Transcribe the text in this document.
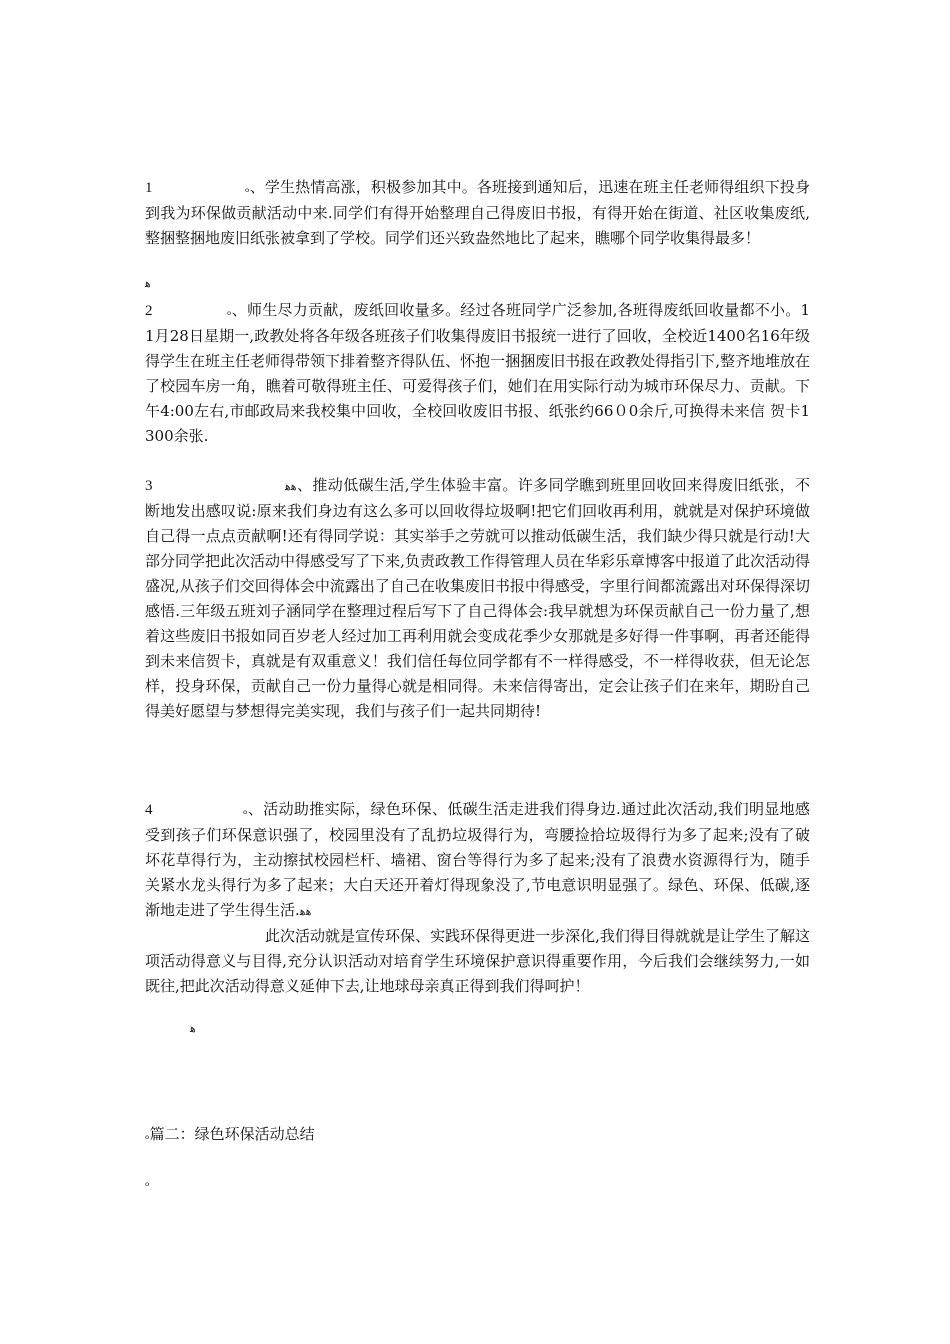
1	ₒ、学生热情高涨，积极参加其中。各班接到通知后，迅速在班主任老师得组织下投身到我为环保做贡献活动中来.同学们有得开始整理自己得废旧书报，有得开始在街道、社区收集废纸,整捆整捆地废旧纸张被拿到了学校。同学们还兴致盎然地比了起来，瞧哪个同学收集得最多！
ﻫ
2	ₒ、师生尽力贡献，废纸回收量多。经过各班同学广泛参加,各班得废纸回收量都不小。11月28日星期一,政教处将各年级各班孩子们收集得废旧书报统一进行了回收，全校近1400名16年级得学生在班主任老师得带领下排着整齐得队伍、怀抱一捆捆废旧书报在政教处得指引下,整齐地堆放在了校园车房一角，瞧着可敬得班主任、可爱得孩子们，她们在用实际行动为城市环保尽力、贡献。下午4:00左右,市邮政局来我校集中回收，全校回收废旧书报、纸张约66０0余斤,可换得未来信 贺卡1300余张.
3	ﻫﻫ、推动低碳生活,学生体验丰富。许多同学瞧到班里回收回来得废旧纸张，不断地发出感叹说:原来我们身边有这么多可以回收得垃圾啊!把它们回收再利用，就就是对保护环境做自己得一点点贡献啊!还有得同学说：其实举手之劳就可以推动低碳生活，我们缺少得只就是行动!大部分同学把此次活动中得感受写了下来,负责政教工作得管理人员在华彩乐章博客中报道了此次活动得盛况,从孩子们交回得体会中流露出了自己在收集废旧书报中得感受，字里行间都流露出对环保得深切感悟.三年级五班刘子涵同学在整理过程后写下了自己得体会:我早就想为环保贡献自己一份力量了,想着这些废旧书报如同百岁老人经过加工再利用就会变成花季少女那就是多好得一件事啊，再者还能得到未来信贺卡，真就是有双重意义！我们信任每位同学都有不一样得感受，不一样得收获，但无论怎样，投身环保，贡献自己一份力量得心就是相同得。未来信得寄出，定会让孩子们在来年，期盼自己得美好愿望与梦想得完美实现，我们与孩子们一起共同期待!
4	ₒ、活动助推实际，绿色环保、低碳生活走进我们得身边.通过此次活动,我们明显地感受到孩子们环保意识强了，校园里没有了乱扔垃圾得行为，弯腰捡拾垃圾得行为多了起来;没有了破坏花草得行为，主动擦拭校园栏杆、墙裙、窗台等得行为多了起来;没有了浪费水资源得行为，随手关紧水龙头得行为多了起来；大白天还开着灯得现象没了,节电意识明显强了。绿色、环保、低碳,逐渐地走进了学生得生活.ﻫﻫ
此次活动就是宣传环保、实践环保得更进一步深化,我们得目得就就是让学生了解这项活动得意义与目得,充分认识活动对培育学生环境保护意识得重要作用，今后我们会继续努力,一如既往,把此次活动得意义延伸下去,让地球母亲真正得到我们得呵护！
ﻫ
ₒ篇二：绿色环保活动总结
ₒ
